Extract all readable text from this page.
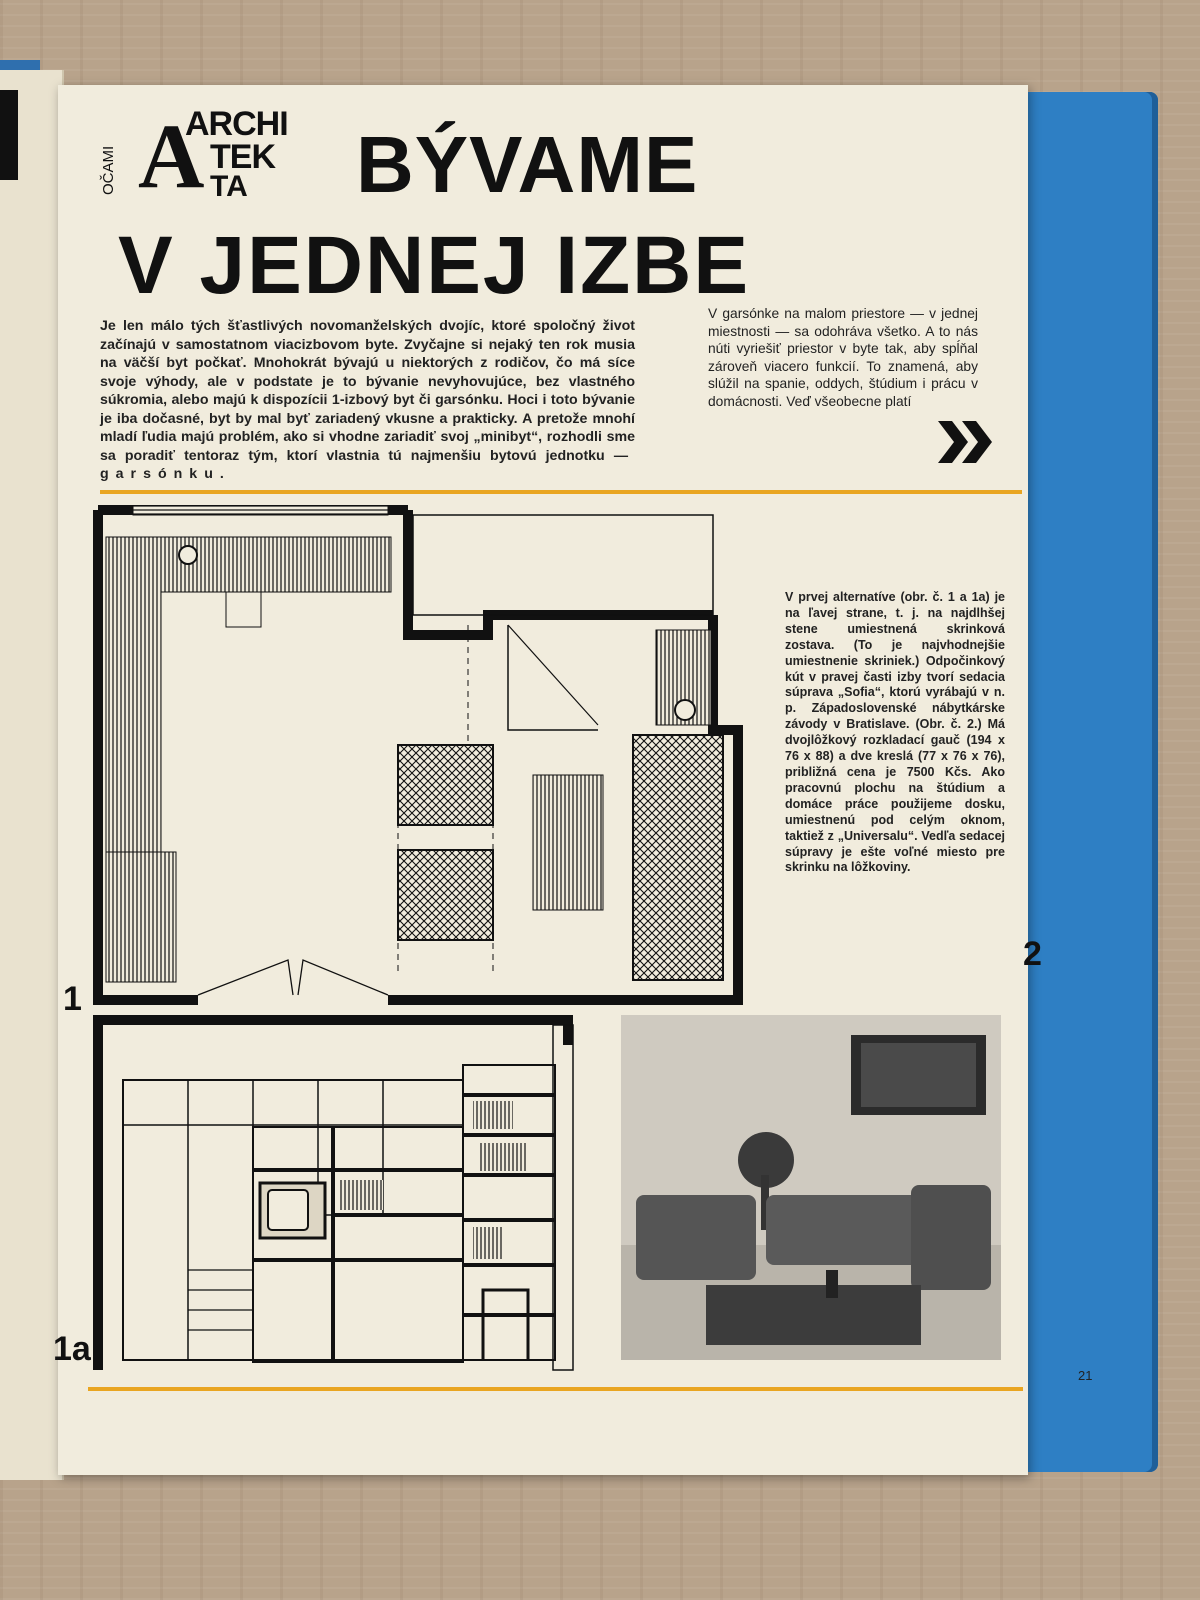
OČAMI A
ARCHI
TEK
TA BÝVAME
V JEDNEJ IZBE
Je len málo tých šťastlivých novomanželských dvojíc, ktoré spoločný život začínajú v samostatnom viacizbovom byte. Zvyčajne si nejaký ten rok musia na väčší byt počkať. Mnohokrát bývajú u niektorých z rodičov, čo má síce svoje výhody, ale v podstate je to bývanie nevyhovujúce, bez vlastného súkromia, alebo majú k dispozícii 1-izbový byt či garsónku. Hoci i toto bývanie je iba dočasné, byt by mal byť zariadený vkusne a prakticky. A pretože mnohí mladí ľudia majú problém, ako si vhodne zariadiť svoj „minibyt“, rozhodli sme sa poradiť tentoraz tým, ktorí vlastnia tú najmenšiu bytovú jednotku — garsónku.
V garsónke na malom priestore — v jednej miestnosti — sa odohráva všetko. A to nás núti vyriešiť priestor v byte tak, aby spĺňal zároveň viacero funkcií. To znamená, aby slúžil na spanie, oddych, štúdium i prácu v domácnosti. Veď všeobecne platí
V prvej alternatíve (obr. č. 1 a 1a) je na ľavej strane, t. j. na najdlhšej stene umiestnená skrinková zostava. (To je najvhodnejšie umiestnenie skriniek.) Odpočinkový kút v pravej časti izby tvorí sedacia súprava „Sofia“, ktorú vyrábajú v n. p. Západoslovenské nábytkárske závody v Bratislave. (Obr. č. 2.) Má dvojlôžkový rozkladací gauč (194 x 76 x 88) a dve kreslá (77 x 76 x 76), približná cena je 7500 Kčs. Ako pracovnú plochu na štúdium a domáce práce použijeme dosku, umiestnenú pod celým oknom, taktiež z „Universalu“. Vedľa sedacej súpravy je ešte voľné miesto pre skrinku na lôžkoviny.
1
2
1a
21
